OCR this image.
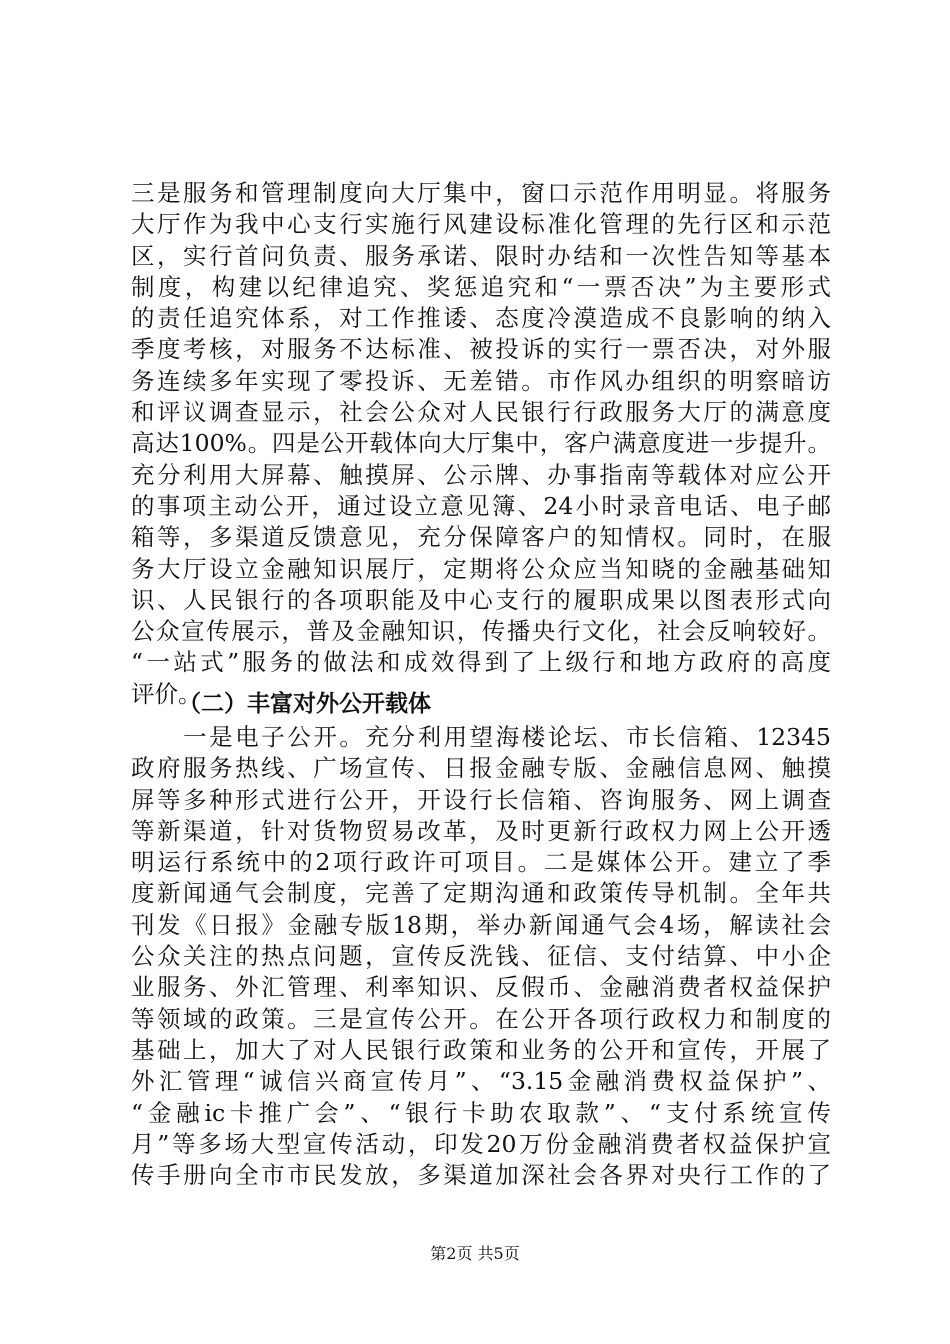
三是服务和管理制度向大厅集中，窗口示范作用明显。将服务
大厅作为我中心支行实施行风建设标准化管理的先行区和示范
区，实行首问负责、服务承诺、限时办结和一次性告知等基本
制度，构建以纪律追究、奖惩追究和“一票否决”为主要形式
的责任追究体系，对工作推诿、态度冷漠造成不良影响的纳入
季度考核，对服务不达标准、被投诉的实行一票否决，对外服
务连续多年实现了零投诉、无差错。市作风办组织的明察暗访
和评议调查显示，社会公众对人民银行行政服务大厅的满意度
高达100%。四是公开载体向大厅集中，客户满意度进一步提升。
充分利用大屏幕、触摸屏、公示牌、办事指南等载体对应公开
的事项主动公开，通过设立意见簿、24小时录音电话、电子邮
箱等，多渠道反馈意见，充分保障客户的知情权。同时，在服
务大厅设立金融知识展厅，定期将公众应当知晓的金融基础知
识、人民银行的各项职能及中心支行的履职成果以图表形式向
公众宣传展示，普及金融知识，传播央行文化，社会反响较好。
“一站式”服务的做法和成效得到了上级行和地方政府的高度
评价。
（二）丰富对外公开载体
　　一是电子公开。充分利用望海楼论坛、市长信箱、12345
政府服务热线、广场宣传、日报金融专版、金融信息网、触摸
屏等多种形式进行公开，开设行长信箱、咨询服务、网上调查
等新渠道，针对货物贸易改革，及时更新行政权力网上公开透
明运行系统中的2项行政许可项目。二是媒体公开。建立了季
度新闻通气会制度，完善了定期沟通和政策传导机制。全年共
刊发《日报》金融专版18期，举办新闻通气会4场，解读社会
公众关注的热点问题，宣传反洗钱、征信、支付结算、中小企
业服务、外汇管理、利率知识、反假币、金融消费者权益保护
等领域的政策。三是宣传公开。在公开各项行政权力和制度的
基础上，加大了对人民银行政策和业务的公开和宣传，开展了
外汇管理“诚信兴商宣传月”、“3.15金融消费权益保护”、
“金融ic卡推广会”、“银行卡助农取款”、“支付系统宣传
月”等多场大型宣传活动，印发20万份金融消费者权益保护宣
传手册向全市市民发放，多渠道加深社会各界对央行工作的了
第2页 共5页
